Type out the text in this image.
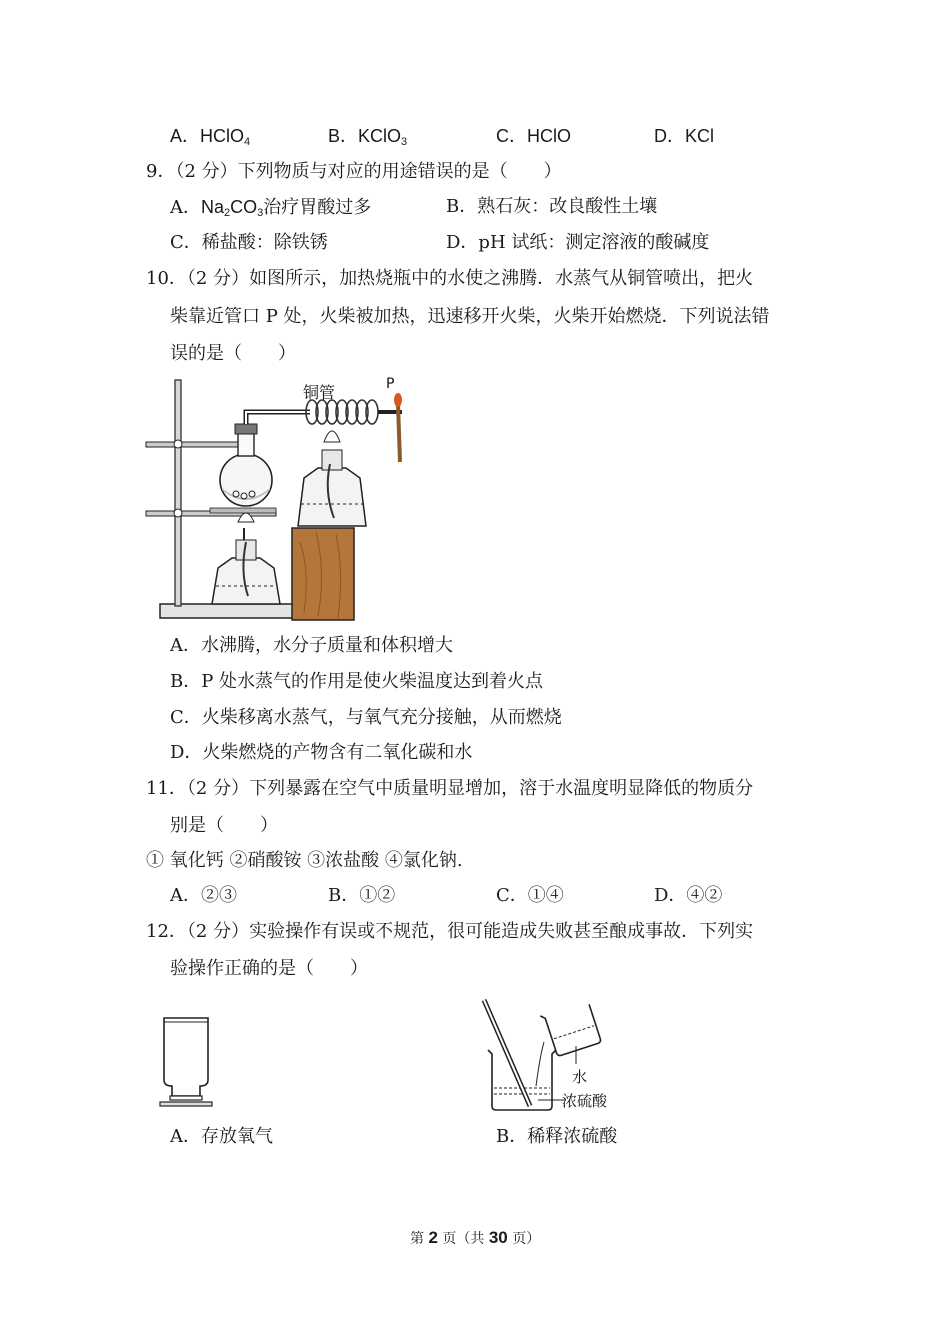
A．HClO$_4$	B．KClO$_3$	C．HClO	D．KCl
9．（2 分）下列物质与对应的用途错误的是（　　）
A．$Na_2CO_3$治疗胃酸过多	B．熟石灰：改良酸性土壤
C．稀盐酸：除铁锈	D．pH 试纸：测定溶液的酸碱度
10．（2 分）如图所示，加热烧瓶中的水使之沸腾．水蒸气从铜管喷出，把火
柴靠近管口 P 处，火柴被加热，迅速移开火柴，火柴开始燃烧．下列说法错
误的是（　　）
铜管	P
A．水沸腾，水分子质量和体积增大
B．P 处水蒸气的作用是使火柴温度达到着火点
C．火柴移离水蒸气，与氧气充分接触，从而燃烧
D．火柴燃烧的产物含有二氧化碳和水
11．（2 分）下列暴露在空气中质量明显增加，溶于水温度明显降低的物质分
别是（　　）
① 氧化钙 ②硝酸铵 ③浓盐酸 ④氯化钠.
A．②③	B．①②	C．①④	D．④②
12．（2 分）实验操作有误或不规范，很可能造成失败甚至酿成事故．下列实
验操作正确的是（　　）
水
浓硫酸
A．存放氧气	B．稀释浓硫酸
第 2 页（共 30 页）
